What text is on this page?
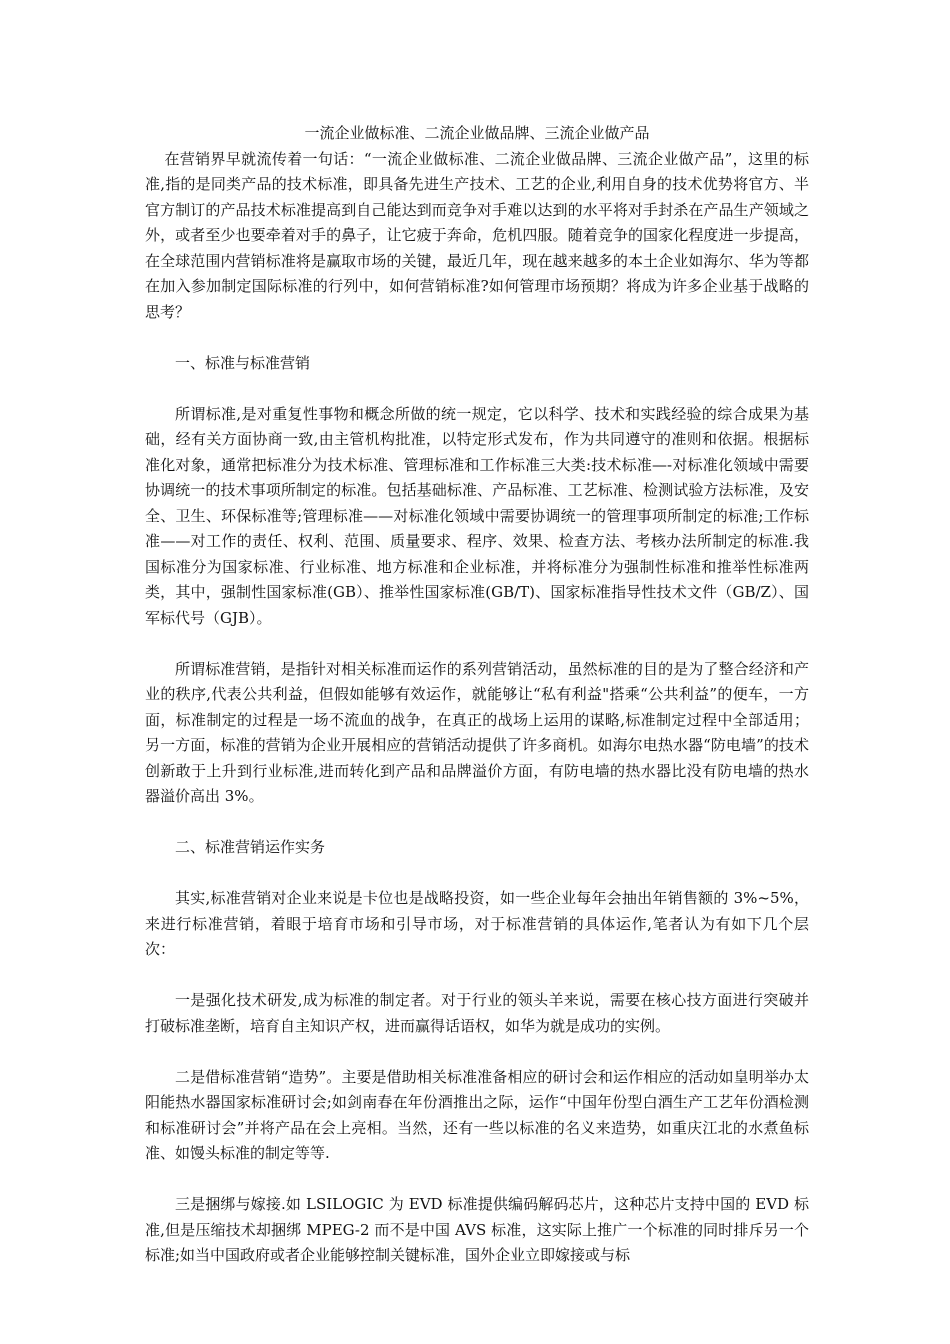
一流企业做标准、二流企业做品牌、三流企业做产品

在营销界早就流传着一句话：“一流企业做标准、二流企业做品牌、三流企业做产品”，这里的标准,指的是同类产品的技术标准，即具备先进生产技术、工艺的企业,利用自身的技术优势将官方、半官方制订的产品技术标准提高到自己能达到而竞争对手难以达到的水平将对手封杀在产品生产领域之外，或者至少也要牵着对手的鼻子，让它疲于奔命，危机四服。随着竞争的国家化程度进一步提高，在全球范围内营销标准将是赢取市场的关键，最近几年，现在越来越多的本土企业如海尔、华为等都在加入参加制定国际标准的行列中，如何营销标准?如何管理市场预期？将成为许多企业基于战略的思考？

一、标准与标准营销

所谓标准,是对重复性事物和概念所做的统一规定，它以科学、技术和实践经验的综合成果为基础，经有关方面协商一致,由主管机构批准，以特定形式发布，作为共同遵守的准则和依据。根据标准化对象，通常把标准分为技术标准、管理标准和工作标准三大类:技术标准—-对标准化领域中需要协调统一的技术事项所制定的标准。包括基础标准、产品标准、工艺标准、检测试验方法标准，及安全、卫生、环保标准等;管理标准——对标准化领域中需要协调统一的管理事项所制定的标准;工作标准——对工作的责任、权利、范围、质量要求、程序、效果、检查方法、考核办法所制定的标准.我国标准分为国家标准、行业标准、地方标准和企业标准，并将标准分为强制性标准和推举性标准两类，其中，强制性国家标准(GB）、推举性国家标准(GB/T)、国家标准指导性技术文件（GB/Z）、国军标代号（GJB）。

所谓标准营销，是指针对相关标准而运作的系列营销活动，虽然标准的目的是为了整合经济和产业的秩序,代表公共利益，但假如能够有效运作，就能够让“私有利益"搭乘“公共利益”的便车，一方面，标准制定的过程是一场不流血的战争，在真正的战场上运用的谋略,标准制定过程中全部适用；另一方面，标准的营销为企业开展相应的营销活动提供了许多商机。如海尔电热水器“防电墙”的技术创新敢于上升到行业标准,进而转化到产品和品牌溢价方面，有防电墙的热水器比没有防电墙的热水器溢价高出 3%。

二、标准营销运作实务

其实,标准营销对企业来说是卡位也是战略投资，如一些企业每年会抽出年销售额的 3%~5%，来进行标准营销，着眼于培育市场和引导市场，对于标准营销的具体运作,笔者认为有如下几个层次：

一是强化技术研发,成为标准的制定者。对于行业的领头羊来说，需要在核心技方面进行突破并打破标准垄断，培育自主知识产权，进而赢得话语权，如华为就是成功的实例。

二是借标准营销“造势”。主要是借助相关标准准备相应的研讨会和运作相应的活动如皇明举办太阳能热水器国家标准研讨会;如剑南春在年份酒推出之际，运作“中国年份型白酒生产工艺年份酒检测和标准研讨会”并将产品在会上亮相。当然，还有一些以标准的名义来造势，如重庆江北的水煮鱼标准、如馒头标准的制定等等.

三是捆绑与嫁接.如 LSILOGIC 为 EVD 标准提供编码解码芯片，这种芯片支持中国的 EVD 标准,但是压缩技术却捆绑 MPEG-2 而不是中国 AVS 标准，这实际上推广一个标准的同时排斥另一个标准;如当中国政府或者企业能够控制关键标准，国外企业立即嫁接或与标
